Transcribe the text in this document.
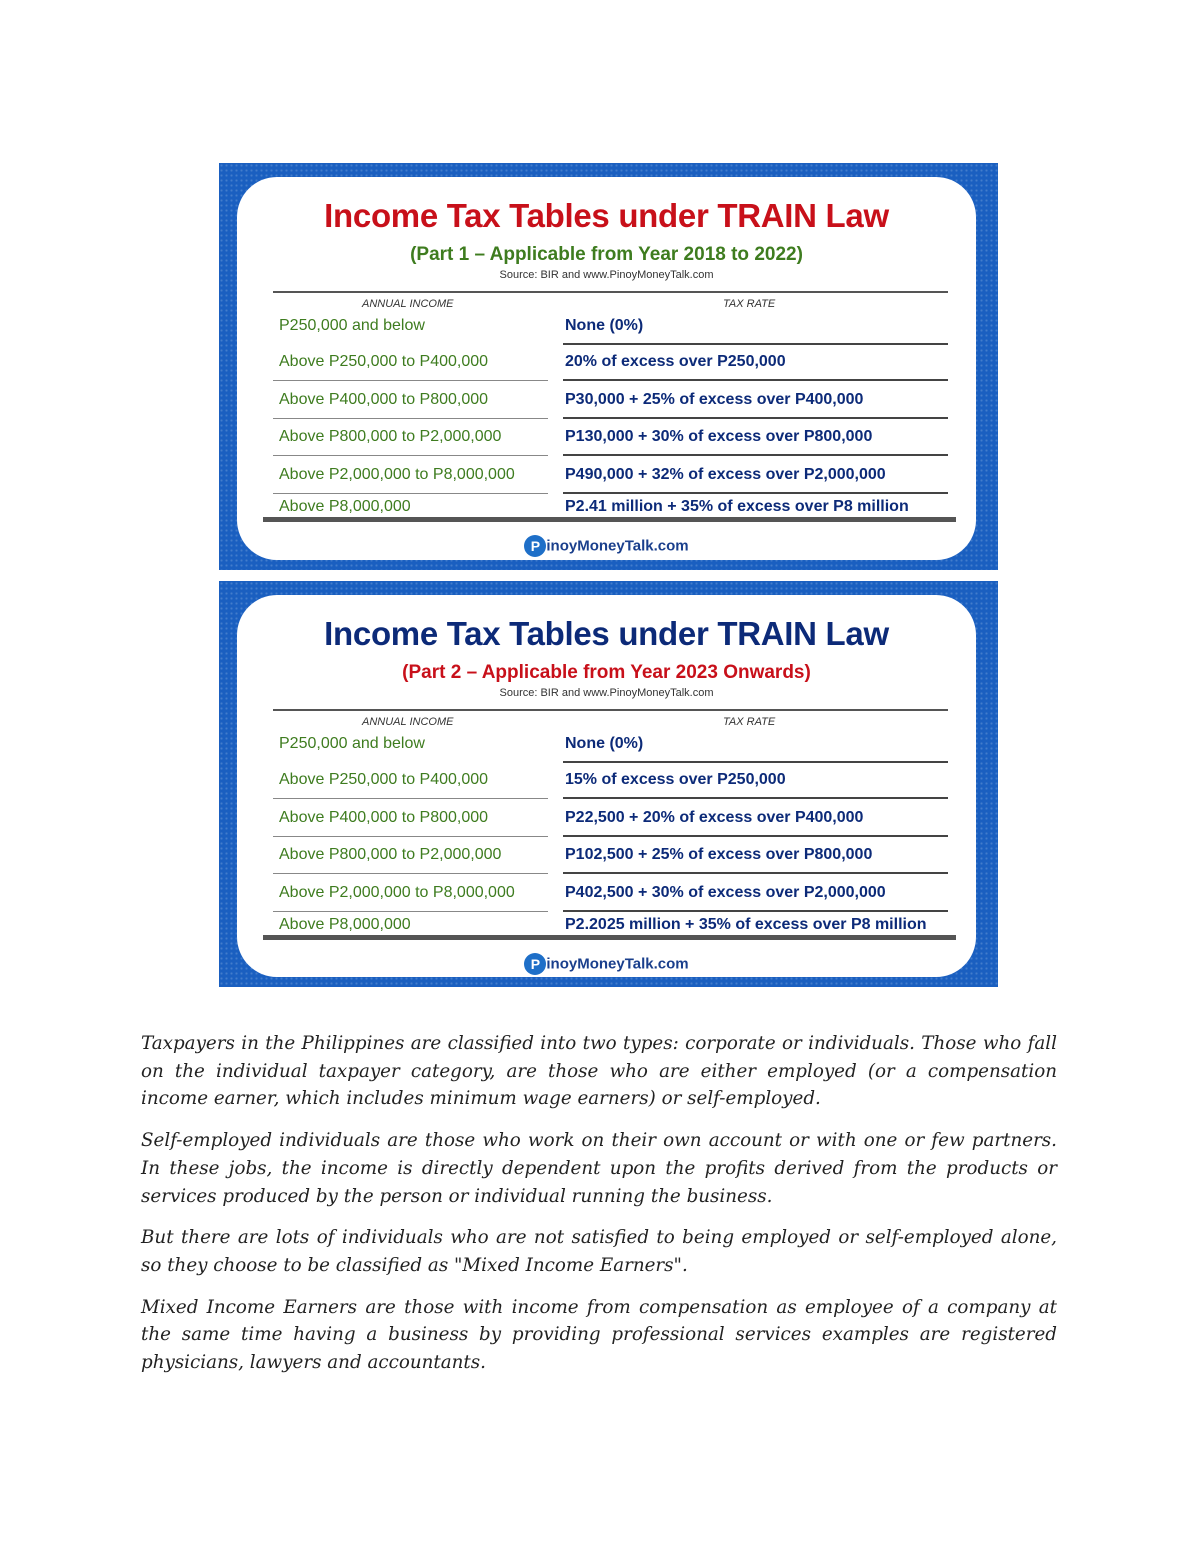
Income Tax Tables under TRAIN Law
(Part 1 – Applicable from Year 2018 to 2022)

Source: BIR and www.PinoyMoneyTalk.com

ANNUAL INCOME	TAX RATE
P250,000 and below	None (0%)
Above P250,000 to P400,000	20% of excess over P250,000
Above P400,000 to P800,000	P30,000 + 25% of excess over P400,000
Above P800,000 to P2,000,000	P130,000 + 30% of excess over P800,000
Above P2,000,000 to P8,000,000	P490,000 + 32% of excess over P2,000,000
Above P8,000,000	P2.41 million + 35% of excess over P8 million
P inoyMoneyTalk.com
Income Tax Tables under TRAIN Law
(Part 2 – Applicable from Year 2023 Onwards)

Source: BIR and www.PinoyMoneyTalk.com

ANNUAL INCOME	TAX RATE
P250,000 and below	None (0%)
Above P250,000 to P400,000	15% of excess over P250,000
Above P400,000 to P800,000	P22,500 + 20% of excess over P400,000
Above P800,000 to P2,000,000	P102,500 + 25% of excess over P800,000
Above P2,000,000 to P8,000,000	P402,500 + 30% of excess over P2,000,000
Above P8,000,000	P2.2025 million + 35% of excess over P8 million
P inoyMoneyTalk.com

Taxpayers in the Philippines are classified into two types: corporate or individuals. Those who fall on the individual taxpayer category, are those who are either employed (or a compensation income earner, which includes minimum wage earners) or self-employed.

Self-employed individuals are those who work on their own account or with one or few partners. In these jobs, the income is directly dependent upon the profits derived from the products or services produced by the person or individual running the business.

But there are lots of individuals who are not satisfied to being employed or self-employed alone, so they choose to be classified as "Mixed Income Earners".

Mixed Income Earners are those with income from compensation as employee of a company at the same time having a business by providing professional services examples are registered physicians, lawyers and accountants.
